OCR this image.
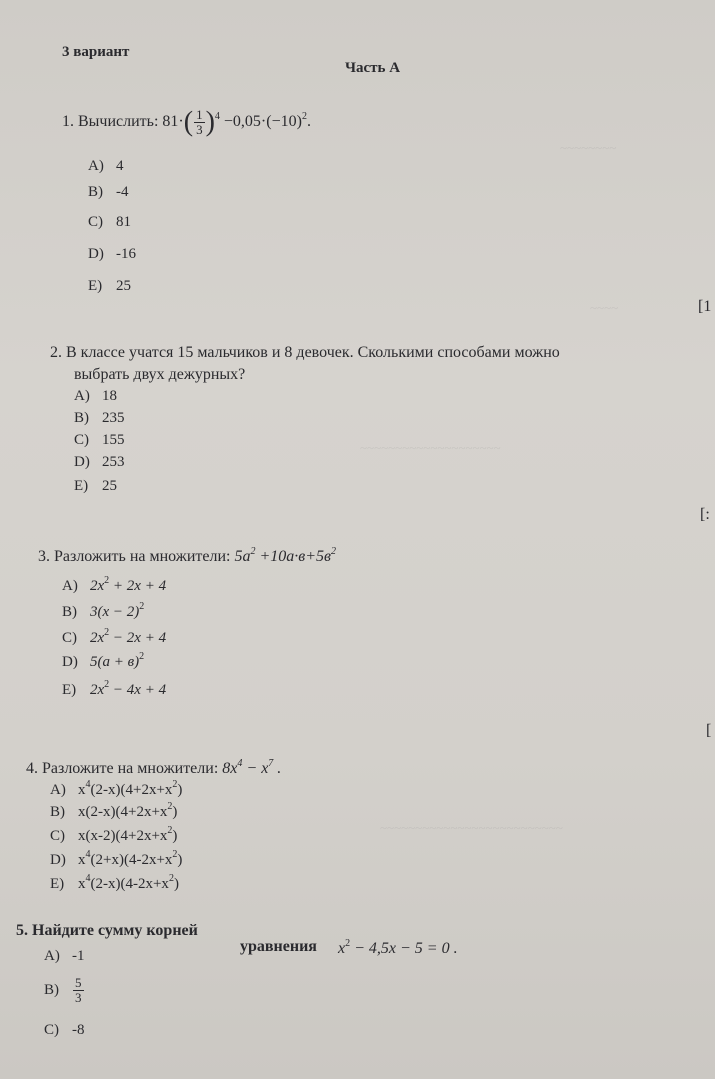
~~~~~~~~
~~~~
~~~~~~~~~~~~~~~~~~~~
~~~~~~~~~~~~~~~~~~~~~~~~~~
3 вариант
Часть А
1. Вычислить: $81\cdot( \frac{1}{3} )^4 -0,05\cdot(-10)^2$.
A) 4
B) -4
C) 81
D) -16
E) 25
[1
2. В классе учатся 15 мальчиков и 8 девочек. Сколькими способами можно
выбрать двух дежурных?
A) 18
B) 235
C) 155
D) 253
E) 25
[:
3. Разложить на множители: $5a^2 +10a\cdot в+5в^2$
A) $2x^2 + 2x + 4$
B) $3(x - 2)^2$
C) $2x^2 - 2x + 4$
D) $5(a + в)^2$
E) $2x^2 - 4x + 4$
[
4. Разложите на множители: $8x^4 - x^7$ .
A) $x^4(2-x)(4+2x+x^2)$
B) $x(2-x)(4+2x+x^2)$
C) $x(x-2)(4+2x+x^2)$
D) $x^4(2+x)(4-2x+x^2)$
E) $x^4(2-x)(4-2x+x^2)$
5. Найдите сумму корней
уравнения $x^2 - 4,5x - 5 = 0$ .
A) -1
$B) \frac{5}{3}$
C) -8
